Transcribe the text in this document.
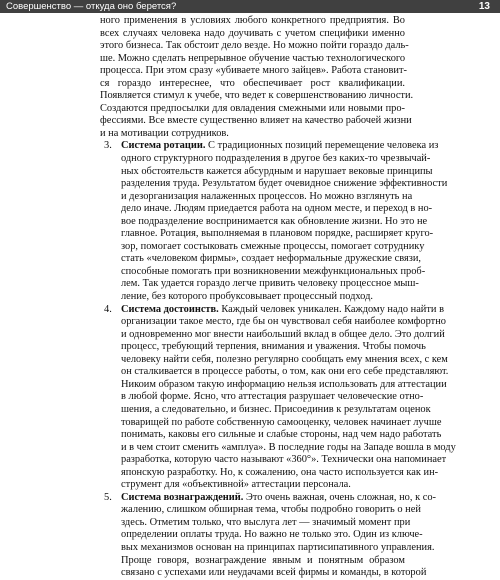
Совершенство — откуда оно берется?	13
ного применения в условиях любого конкретного предприятия. Во
всех случаях человека надо доучивать с учетом специфики именно
этого бизнеса. Так обстоит дело везде. Но можно пойти гораздо даль-
ше. Можно сделать непрерывное обучение частью технологического
процесса. При этом сразу «убиваете много зайцев». Работа становит-
ся гораздо интереснее, что обеспечивает рост квалификации.
Появляется стимул к учебе, что ведет к совершенствованию личности.
Создаются предпосылки для овладения смежными или новыми про-
фессиями. Все вместе существенно влияет на качество рабочей жизни
и на мотивации сотрудников.
3. Система ротации. С традиционных позиций перемещение человека из
одного структурного подразделения в другое без каких-то чрезвычай-
ных обстоятельств кажется абсурдным и нарушает вековые принципы
разделения труда. Результатом будет очевидное снижение эффективности
и дезорганизация налаженных процессов. Но можно взглянуть на
дело иначе. Людям приедается работа на одном месте, и переход в но-
вое подразделение воспринимается как обновление жизни. Но это не
главное. Ротация, выполняемая в плановом порядке, расширяет круго-
зор, помогает состыковать смежные процессы, помогает сотруднику
стать «человеком фирмы», создает неформальные дружеские связи,
способные помогать при возникновении межфункциональных проб-
лем. Так удается гораздо легче привить человеку процессное мыш-
ление, без которого пробуксовывает процессный подход.
4. Система достоинств. Каждый человек уникален. Каждому надо найти в
организации такое место, где бы он чувствовал себя наиболее комфортно
и одновременно мог внести наибольший вклад в общее дело. Это долгий
процесс, требующий терпения, внимания и уважения. Чтобы помочь
человеку найти себя, полезно регулярно сообщать ему мнения всех, с кем
он сталкивается в процессе работы, о том, как они его себе представляют.
Никоим образом такую информацию нельзя использовать для аттестации
в любой форме. Ясно, что аттестация разрушает человеческие отно-
шения, а следовательно, и бизнес. Присоединив к результатам оценок
товарищей по работе собственную самооценку, человек начинает лучше
понимать, каковы его сильные и слабые стороны, над чем надо работать
и в чем стоит сменить «амплуа». В последние годы на Западе вошла в моду
разработка, которую часто называют «360°». Технически она напоминает
японскую разработку. Но, к сожалению, она часто используется как ин-
струмент для «объективной» аттестации персонала.
5. Система вознаграждений. Это очень важная, очень сложная, но, к со-
жалению, слишком обширная тема, чтобы подробно говорить о ней
здесь. Отметим только, что выслуга лет — значимый момент при
определении оплаты труда. Но важно не только это. Один из ключе-
вых механизмов основан на принципах партисипативного управления.
Проще говоря, вознаграждение явным и понятным образом
связано с успехами или неудачами всей фирмы и команды, в которой
